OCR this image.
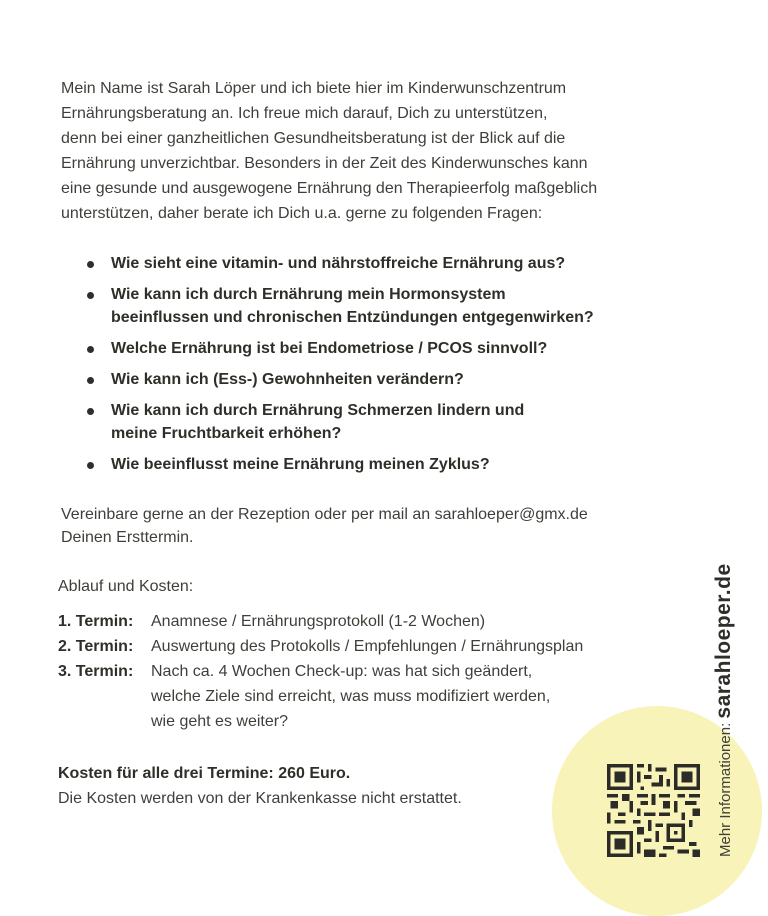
Mein Name ist Sarah Löper und ich biete hier im Kinderwunschzentrum
Ernährungsberatung an. Ich freue mich darauf, Dich zu unterstützen,
denn bei einer ganzheitlichen Gesundheitsberatung ist der Blick auf die
Ernährung unverzichtbar. Besonders in der Zeit des Kinderwunsches kann
eine gesunde und ausgewogene Ernährung den Therapieerfolg maßgeblich
unterstützen, daher berate ich Dich u.a. gerne zu folgenden Fragen:
Wie sieht eine vitamin- und nährstoffreiche Ernährung aus?
Wie kann ich durch Ernährung mein Hormonsystem
beeinflussen und chronischen Entzündungen entgegenwirken?
Welche Ernährung ist bei Endometriose / PCOS sinnvoll?
Wie kann ich (Ess-) Gewohnheiten verändern?
Wie kann ich durch Ernährung Schmerzen lindern und
meine Fruchtbarkeit erhöhen?
Wie beeinflusst meine Ernährung meinen Zyklus?
Vereinbare gerne an der Rezeption oder per mail an sarahloeper@gmx.de
Deinen Ersttermin.
Ablauf und Kosten:
1. Termin:	Anamnese / Ernährungsprotokoll (1-2 Wochen)
2. Termin:	Auswertung des Protokolls / Empfehlungen / Ernährungsplan
3. Termin:	Nach ca. 4 Wochen Check-up: was hat sich geändert,
welche Ziele sind erreicht, was muss modifiziert werden,
wie geht es weiter?
Kosten für alle drei Termine: 260 Euro.
Die Kosten werden von der Krankenkasse nicht erstattet.	Mehr Informationen: sarahloeper.de
